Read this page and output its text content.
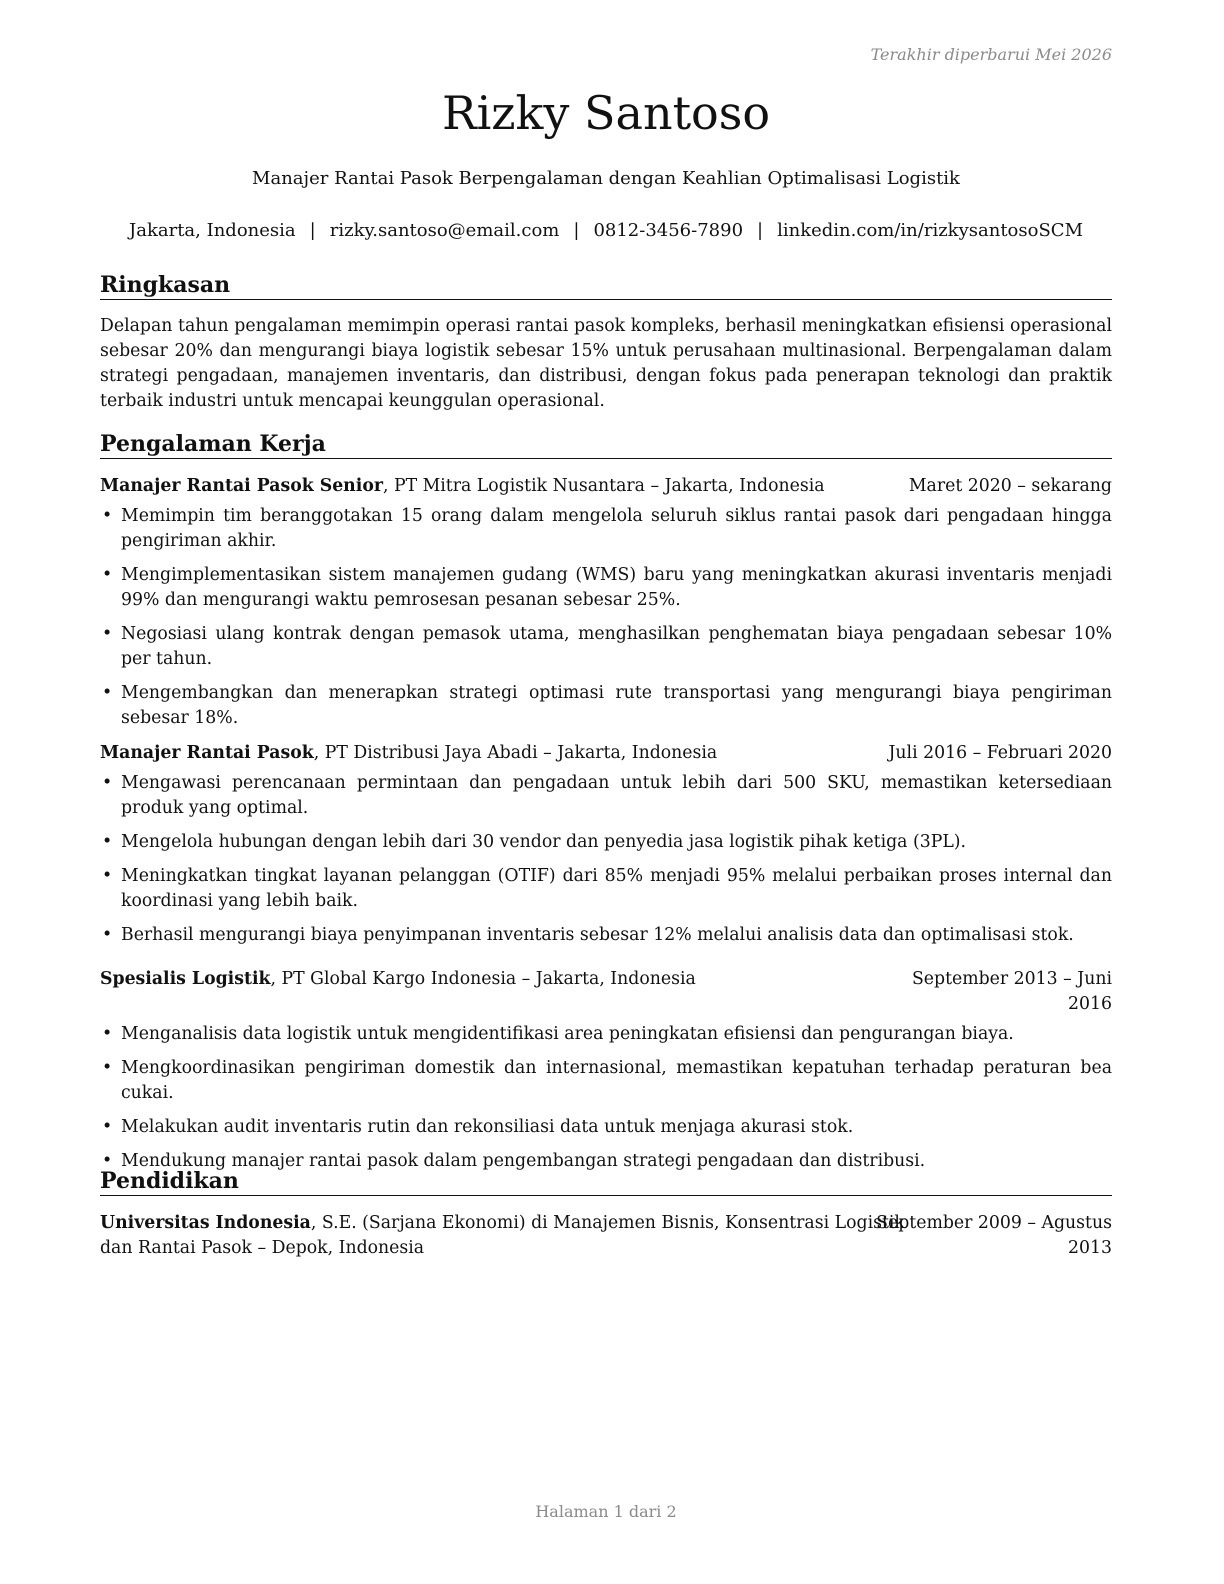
Terakhir diperbarui Mei 2026
Rizky Santoso
Manajer Rantai Pasok Berpengalaman dengan Keahlian Optimalisasi Logistik
Jakarta, Indonesia | rizky.santoso@email.com | 0812-3456-7890 | linkedin.com/in/rizkysantosoSCM
Ringkasan
Delapan tahun pengalaman memimpin operasi rantai pasok kompleks, berhasil meningkatkan efisiensi operasional sebesar 20% dan mengurangi biaya logistik sebesar 15% untuk perusahaan multinasional. Berpengalaman dalam strategi pengadaan, manajemen inventaris, dan distribusi, dengan fokus pada penerapan teknologi dan praktik terbaik industri untuk mencapai keunggulan operasional.
Pengalaman Kerja
Manajer Rantai Pasok Senior, PT Mitra Logistik Nusantara – Jakarta, Indonesia	Maret 2020 – sekarang
• Memimpin tim beranggotakan 15 orang dalam mengelola seluruh siklus rantai pasok dari pengadaan hingga pengiriman akhir.
• Mengimplementasikan sistem manajemen gudang (WMS) baru yang meningkatkan akurasi inventaris menjadi 99% dan mengurangi waktu pemrosesan pesanan sebesar 25%.
• Negosiasi ulang kontrak dengan pemasok utama, menghasilkan penghematan biaya pengadaan sebesar 10% per tahun.
• Mengembangkan dan menerapkan strategi optimasi rute transportasi yang mengurangi biaya pengiriman sebesar 18%.
Manajer Rantai Pasok, PT Distribusi Jaya Abadi – Jakarta, Indonesia	Juli 2016 – Februari 2020
• Mengawasi perencanaan permintaan dan pengadaan untuk lebih dari 500 SKU, memastikan ketersediaan produk yang optimal.
• Mengelola hubungan dengan lebih dari 30 vendor dan penyedia jasa logistik pihak ketiga (3PL).
• Meningkatkan tingkat layanan pelanggan (OTIF) dari 85% menjadi 95% melalui perbaikan proses internal dan koordinasi yang lebih baik.
• Berhasil mengurangi biaya penyimpanan inventaris sebesar 12% melalui analisis data dan optimalisasi stok.
Spesialis Logistik, PT Global Kargo Indonesia – Jakarta, Indonesia	September 2013 – Juni
2016
• Menganalisis data logistik untuk mengidentifikasi area peningkatan efisiensi dan pengurangan biaya.
• Mengkoordinasikan pengiriman domestik dan internasional, memastikan kepatuhan terhadap peraturan bea cukai.
• Melakukan audit inventaris rutin dan rekonsiliasi data untuk menjaga akurasi stok.
• Mendukung manajer rantai pasok dalam pengembangan strategi pengadaan dan distribusi.
Pendidikan
Universitas Indonesia, S.E. (Sarjana Ekonomi) di Manajemen Bisnis, Konsentrasi Logistik
dan Rantai Pasok – Depok, Indonesia
September 2009 – Agustus
2013
Halaman 1 dari 2
